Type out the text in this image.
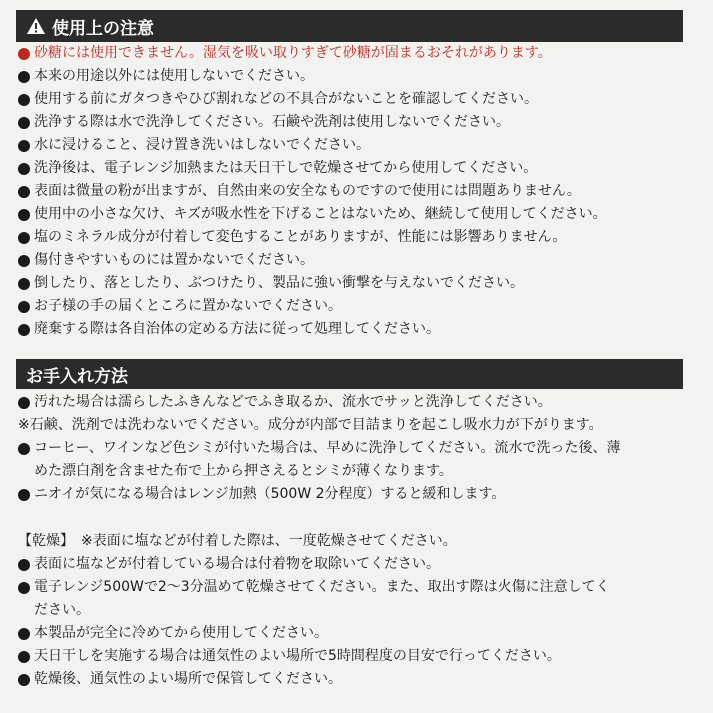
使用上の注意
砂糖には使用できません。湿気を吸い取りすぎて砂糖が固まるおそれがあります。
本来の用途以外には使用しないでください。
使用する前にガタつきやひび割れなどの不具合がないことを確認してください。
洗浄する際は水で洗浄してください。石鹸や洗剤は使用しないでください。
水に浸けること、浸け置き洗いはしないでください。
洗浄後は、電子レンジ加熱または天日干しで乾燥させてから使用してください。
表面は微量の粉が出ますが、自然由来の安全なものですので使用には問題ありません。
使用中の小さな欠け、キズが吸水性を下げることはないため、継続して使用してください。
塩のミネラル成分が付着して変色することがありますが、性能には影響ありません。
傷付きやすいものには置かないでください。
倒したり、落としたり、ぶつけたり、製品に強い衝撃を与えないでください。
お子様の手の届くところに置かないでください。
廃棄する際は各自治体の定める方法に従って処理してください。
お手入れ方法
汚れた場合は濡らしたふきんなどでふき取るか、流水でサッと洗浄してください。
※石鹸、洗剤では洗わないでください。成分が内部で目詰まりを起こし吸水力が下がります。
コーヒー、ワインなど色シミが付いた場合は、早めに洗浄してください。流水で洗った後、薄
めた漂白剤を含ませた布で上から押さえるとシミが薄くなります。
ニオイが気になる場合はレンジ加熱（500W 2分程度）すると緩和します。
【乾燥】　※表面に塩などが付着した際は、一度乾燥させてください。
表面に塩などが付着している場合は付着物を取除いてください。
電子レンジ500Wで2～3分温めて乾燥させてください。また、取出す際は火傷に注意してく
ださい。
本製品が完全に冷めてから使用してください。
天日干しを実施する場合は通気性のよい場所で5時間程度の目安で行ってください。
乾燥後、通気性のよい場所で保管してください。
